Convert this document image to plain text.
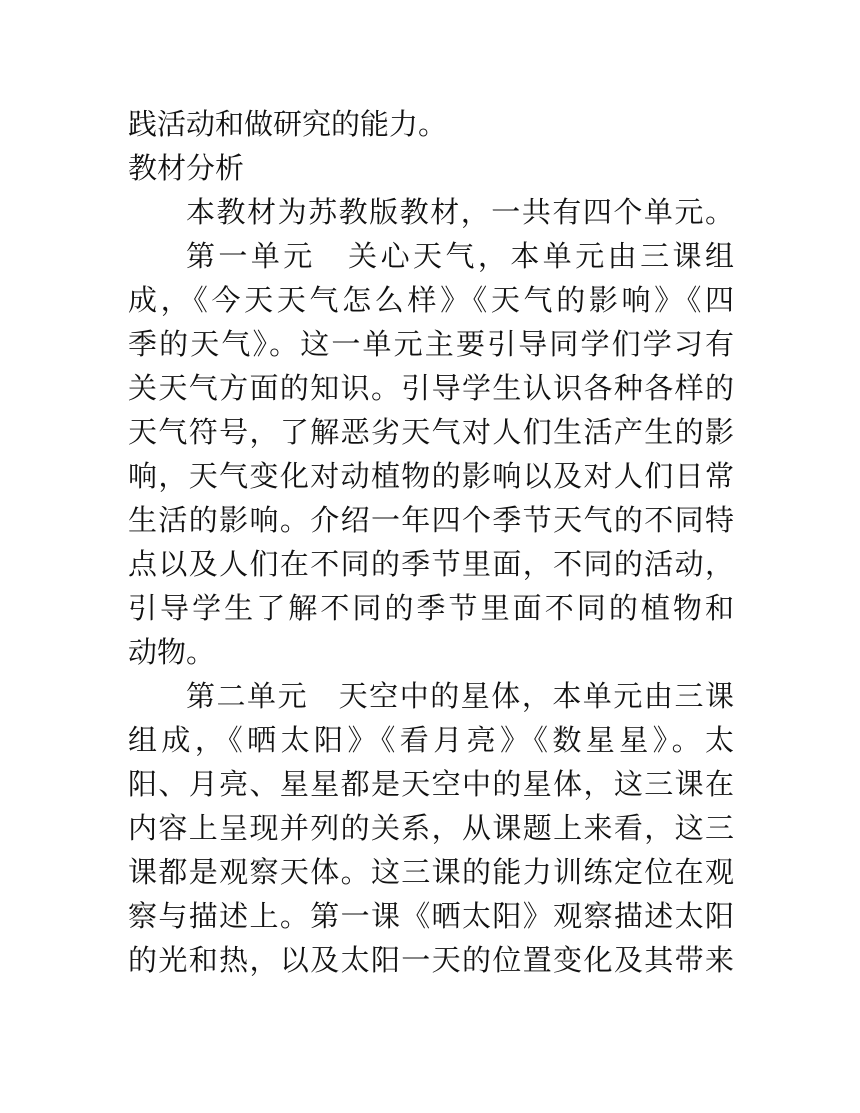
践活动和做研究的能力。
教材分析
本教材为苏教版教材，一共有四个单元。
第一单元　关心天气，本单元由三课组
成，《今天天气怎么样》《天气的影响》《四
季的天气》。这一单元主要引导同学们学习有
关天气方面的知识。引导学生认识各种各样的
天气符号，了解恶劣天气对人们生活产生的影
响，天气变化对动植物的影响以及对人们日常
生活的影响。介绍一年四个季节天气的不同特
点以及人们在不同的季节里面，不同的活动，
引导学生了解不同的季节里面不同的植物和
动物。
第二单元　天空中的星体，本单元由三课
组成，《晒太阳》《看月亮》《数星星》。太
阳、月亮、星星都是天空中的星体，这三课在
内容上呈现并列的关系，从课题上来看，这三
课都是观察天体。这三课的能力训练定位在观
察与描述上。第一课《晒太阳》观察描述太阳
的光和热，以及太阳一天的位置变化及其带来
